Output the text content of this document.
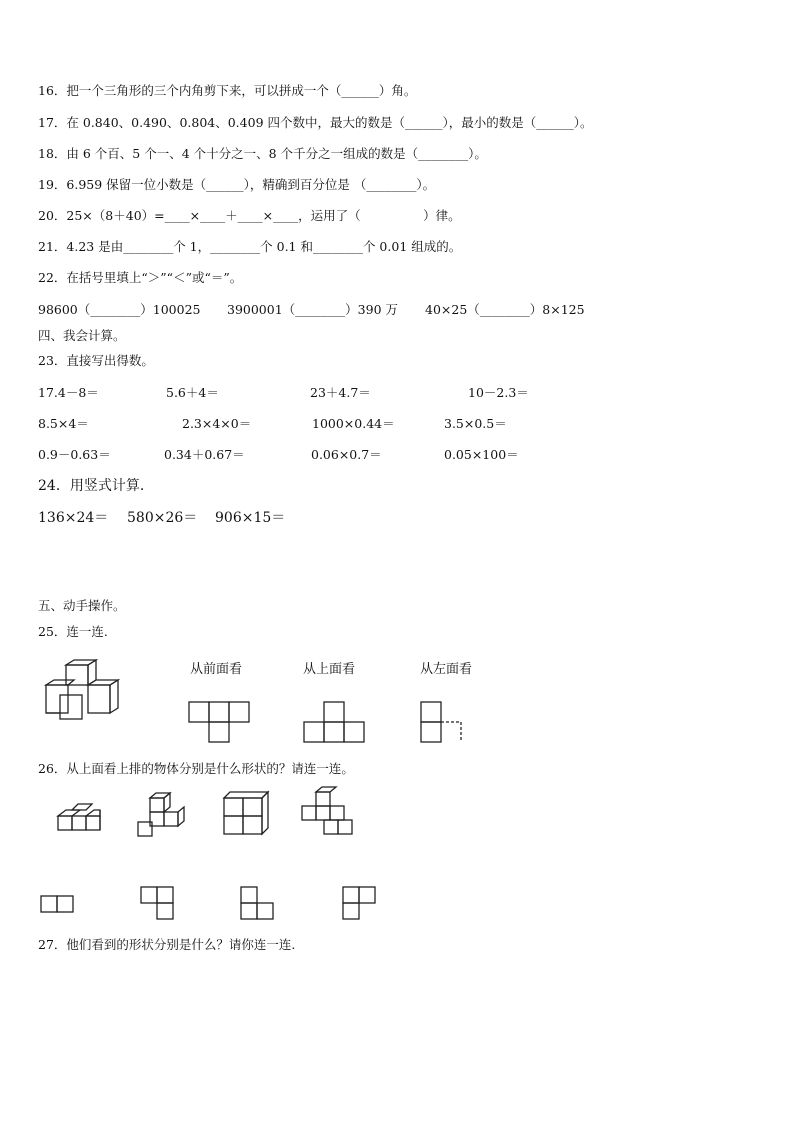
16．把一个三角形的三个内角剪下来，可以拼成一个（______）角。
17．在 0.840、0.490、0.804、0.409 四个数中，最大的数是（______），最小的数是（______）。
18．由 6 个百、5 个一、4 个十分之一、8 个千分之一组成的数是（________）。
19．6.959 保留一位小数是（______），精确到百分位是 （________）。
20．25×（8＋40）=____×____＋____×____，运用了（　　　　　）律。
21．4.23 是由________个 1，________个 0.1 和________个 0.01 组成的。
22．在括号里填上“＞”“＜”或“＝”。
98600（________）100025 3900001（________）390 万 40×25（________）8×125
四、我会计算。
23．直接写出得数。
17.4－8＝	5.6＋4＝	23＋4.7＝	10－2.3＝
8.5×4＝	2.3×4×0＝	1000×0.44＝	3.5×0.5＝
0.9－0.63＝	0.34＋0.67＝	0.06×0.7＝	0.05×100＝
24．用竖式计算.
136×24＝ 580×26＝ 906×15＝
五、动手操作。
25．连一连.
从前面看	从上面看	从左面看
26．从上面看上排的物体分别是什么形状的？请连一连。
27．他们看到的形状分别是什么？请你连一连.
